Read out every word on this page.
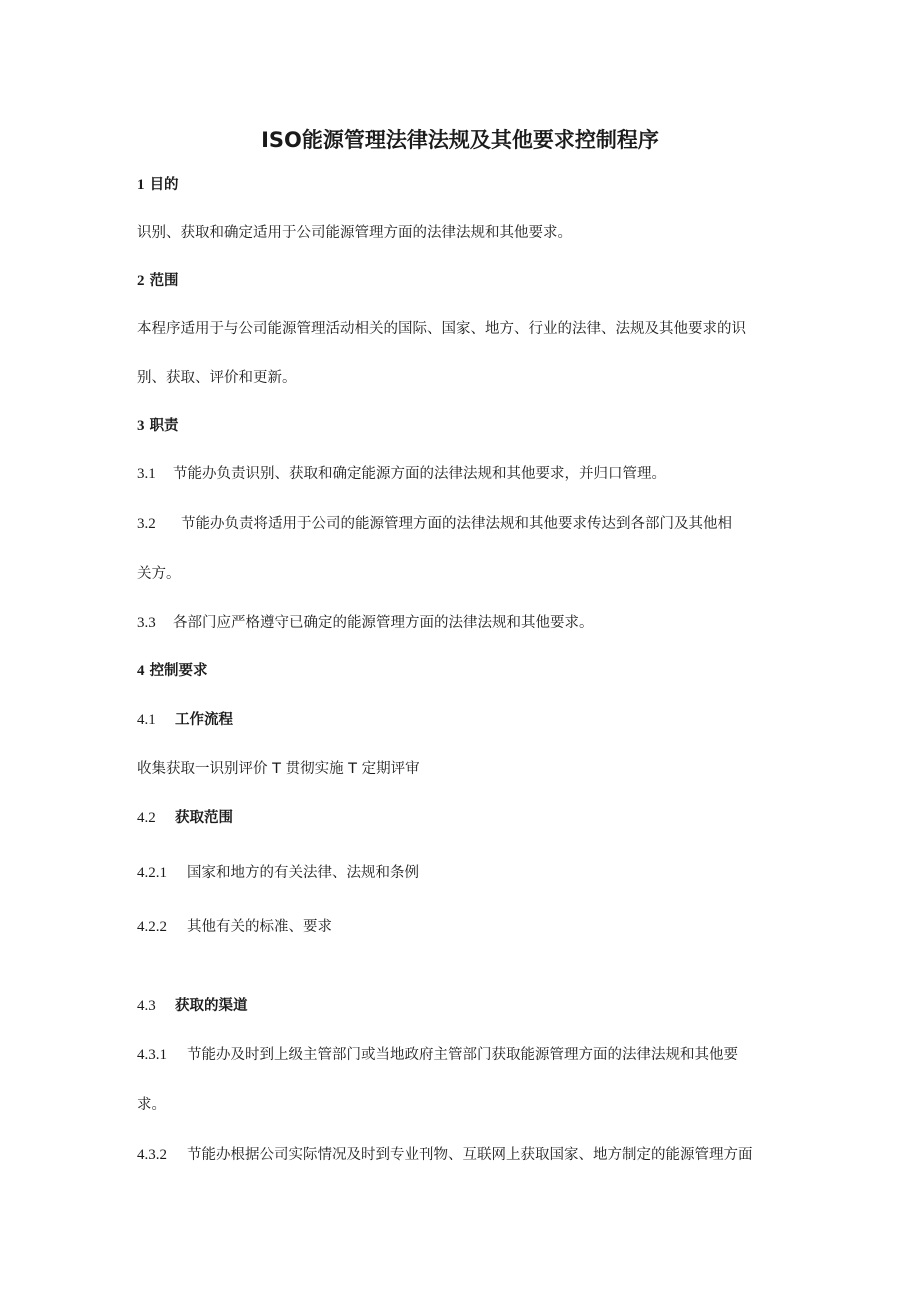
ISO能源管理法律法规及其他要求控制程序

1 目的

识别、获取和确定适用于公司能源管理方面的法律法规和其他要求。

2 范围

本程序适用于与公司能源管理活动相关的国际、国家、地方、行业的法律、法规及其他要求的识

别、获取、评价和更新。

3 职责

3.1 节能办负责识别、获取和确定能源方面的法律法规和其他要求，并归口管理。

3.2 节能办负责将适用于公司的能源管理方面的法律法规和其他要求传达到各部门及其他相

关方。

3.3 各部门应严格遵守已确定的能源管理方面的法律法规和其他要求。

4 控制要求

4.1 工作流程

收集获取一识别评价 T 贯彻实施 T 定期评审

4.2 获取范围

4.2.1 国家和地方的有关法律、法规和条例

4.2.2 其他有关的标准、要求

4.3 获取的渠道

4.3.1 节能办及时到上级主管部门或当地政府主管部门获取能源管理方面的法律法规和其他要

求。

4.3.2 节能办根据公司实际情况及时到专业刊物、互联网上获取国家、地方制定的能源管理方面
